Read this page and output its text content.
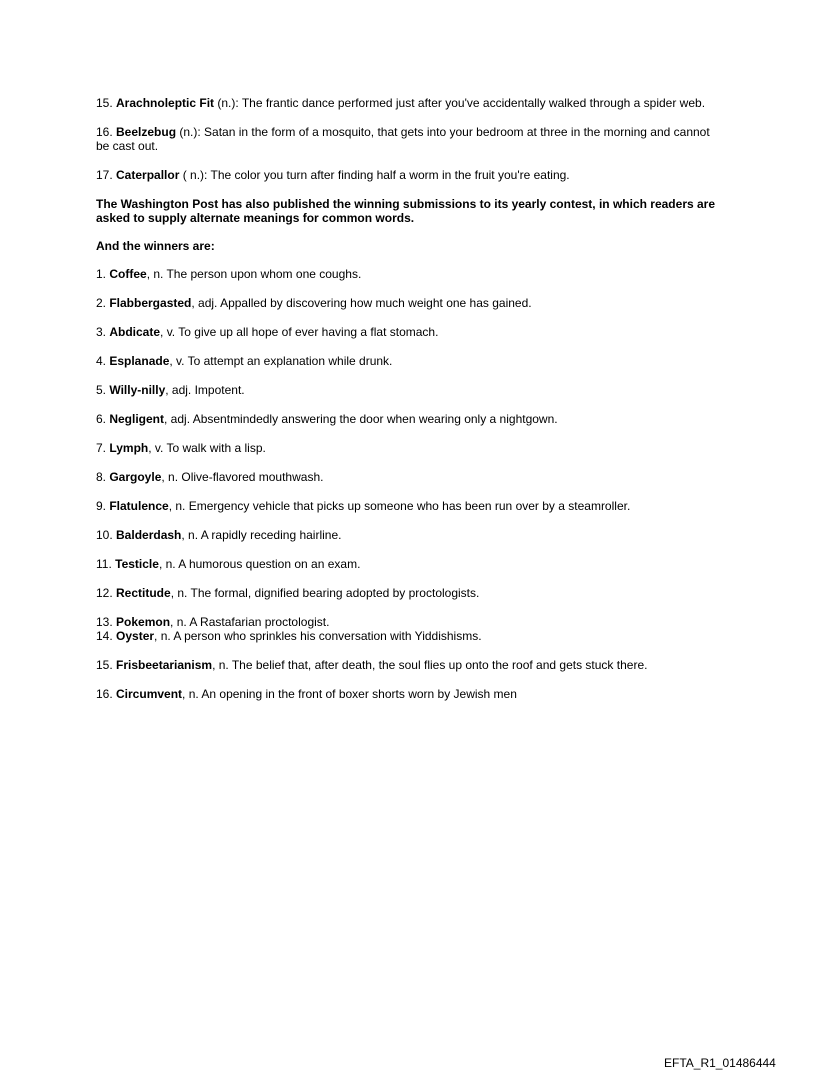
15. Arachnoleptic Fit (n.): The frantic dance performed just after you've accidentally walked through a spider web.

16. Beelzebug (n.): Satan in the form of a mosquito, that gets into your bedroom at three in the morning and cannot be cast out.

17. Caterpallor ( n.): The color you turn after finding half a worm in the fruit you're eating.

The Washington Post has also published the winning submissions to its yearly contest, in which readers are asked to supply alternate meanings for common words.

And the winners are:

1. Coffee, n. The person upon whom one coughs.

2. Flabbergasted, adj. Appalled by discovering how much weight one has gained.

3. Abdicate, v. To give up all hope of ever having a flat stomach.

4. Esplanade, v. To attempt an explanation while drunk.

5. Willy-nilly, adj. Impotent.

6. Negligent, adj. Absentmindedly answering the door when wearing only a nightgown.

7. Lymph, v. To walk with a lisp.

8. Gargoyle, n. Olive-flavored mouthwash.

9. Flatulence, n. Emergency vehicle that picks up someone who has been run over by a steamroller.

10. Balderdash, n. A rapidly receding hairline.

11. Testicle, n. A humorous question on an exam.

12. Rectitude, n. The formal, dignified bearing adopted by proctologists.

13. Pokemon, n. A Rastafarian proctologist.

14. Oyster, n. A person who sprinkles his conversation with Yiddishisms.

15. Frisbeetarianism, n. The belief that, after death, the soul flies up onto the roof and gets stuck there.

16. Circumvent, n. An opening in the front of boxer shorts worn by Jewish men

EFTA_R1_01486444
